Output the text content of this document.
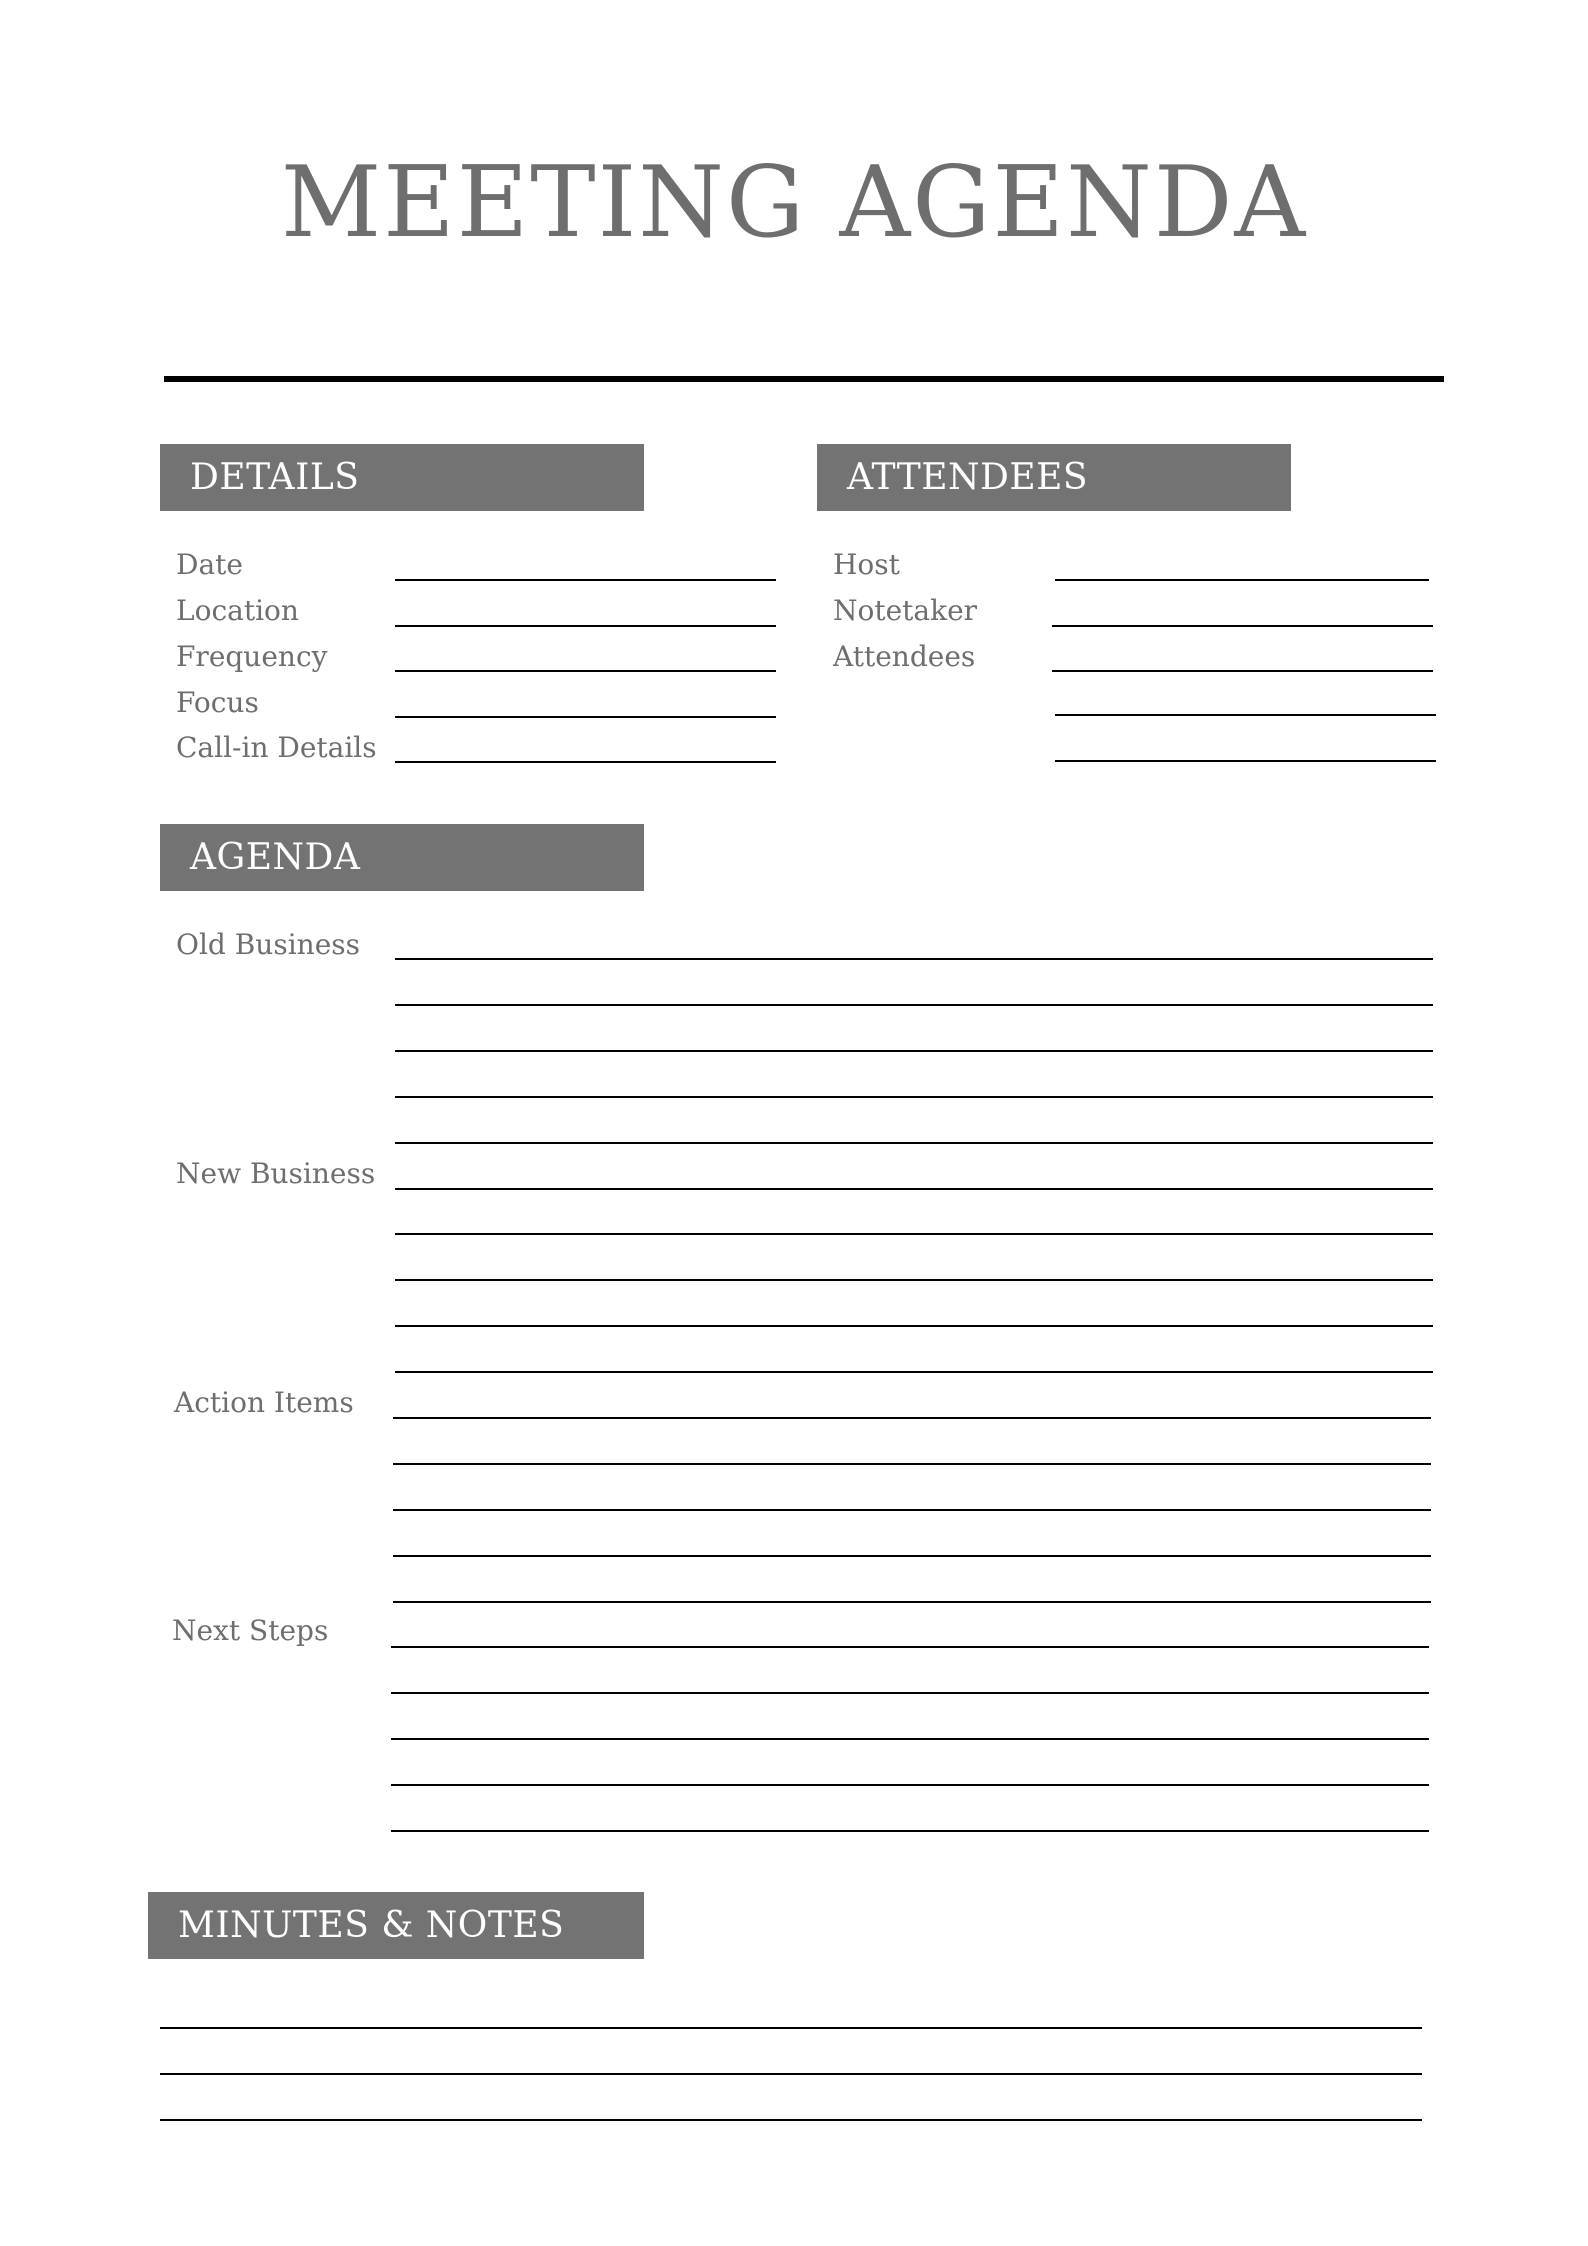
MEETING AGENDA
DETAILS
Date
Location
Frequency
Focus
Call-in Details
ATTENDEES
Host
Notetaker
Attendees
AGENDA
Old Business
New Business
Action Items
Next Steps
MINUTES & NOTES
